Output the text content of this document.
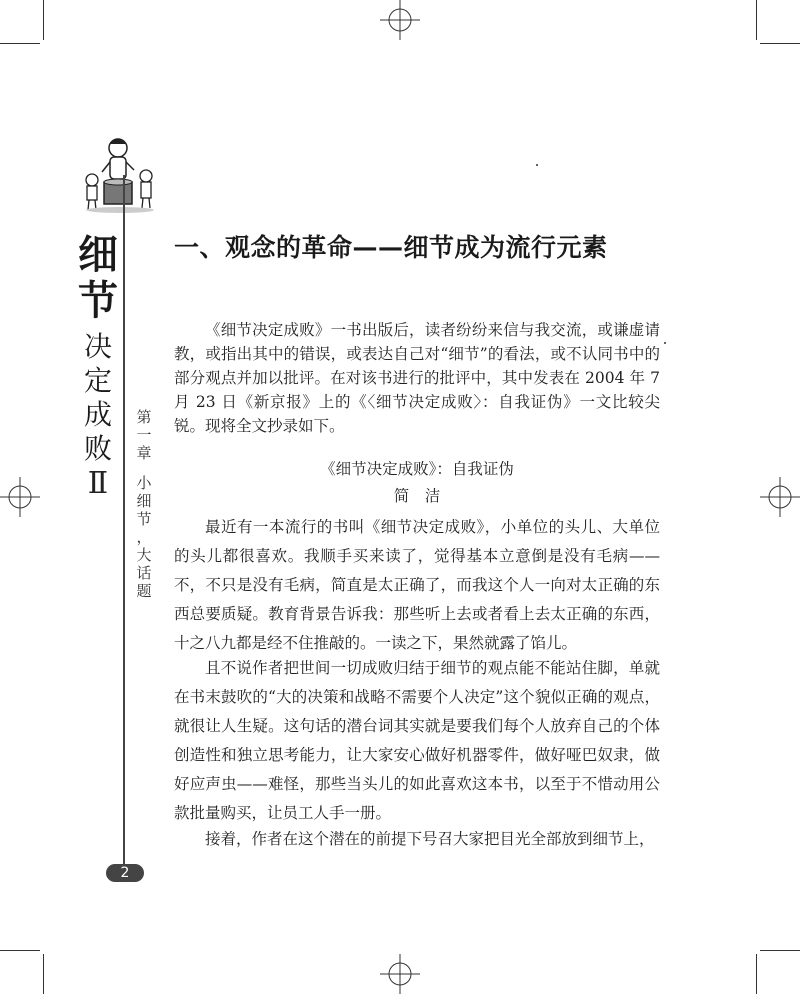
细
节
决
定
成
败
Ⅱ
第
一
章
小
细
节
，
大
话
题
2
一、观念的革命——细节成为流行元素

《细节决定成败》一书出版后，读者纷纷来信与我交流，或谦虚请教，或指出其中的错误，或表达自己对“细节”的看法，或不认同书中的部分观点并加以批评。在对该书进行的批评中，其中发表在 2004 年 7 月 23 日《新京报》上的《〈细节决定成败〉：自我证伪》一文比较尖锐。现将全文抄录如下。

《细节决定成败》：自我证伪
简　洁

最近有一本流行的书叫《细节决定成败》，小单位的头儿、大单位的头儿都很喜欢。我顺手买来读了，觉得基本立意倒是没有毛病——不，不只是没有毛病，简直是太正确了，而我这个人一向对太正确的东西总要质疑。教育背景告诉我：那些听上去或者看上去太正确的东西，十之八九都是经不住推敲的。一读之下，果然就露了馅儿。

且不说作者把世间一切成败归结于细节的观点能不能站住脚，单就在书末鼓吹的“大的决策和战略不需要个人决定”这个貌似正确的观点，就很让人生疑。这句话的潜台词其实就是要我们每个人放弃自己的个体创造性和独立思考能力，让大家安心做好机器零件，做好哑巴奴隶，做好应声虫——难怪，那些当头儿的如此喜欢这本书，以至于不惜动用公款批量购买，让员工人手一册。

接着，作者在这个潜在的前提下号召大家把目光全部放到细节上，
